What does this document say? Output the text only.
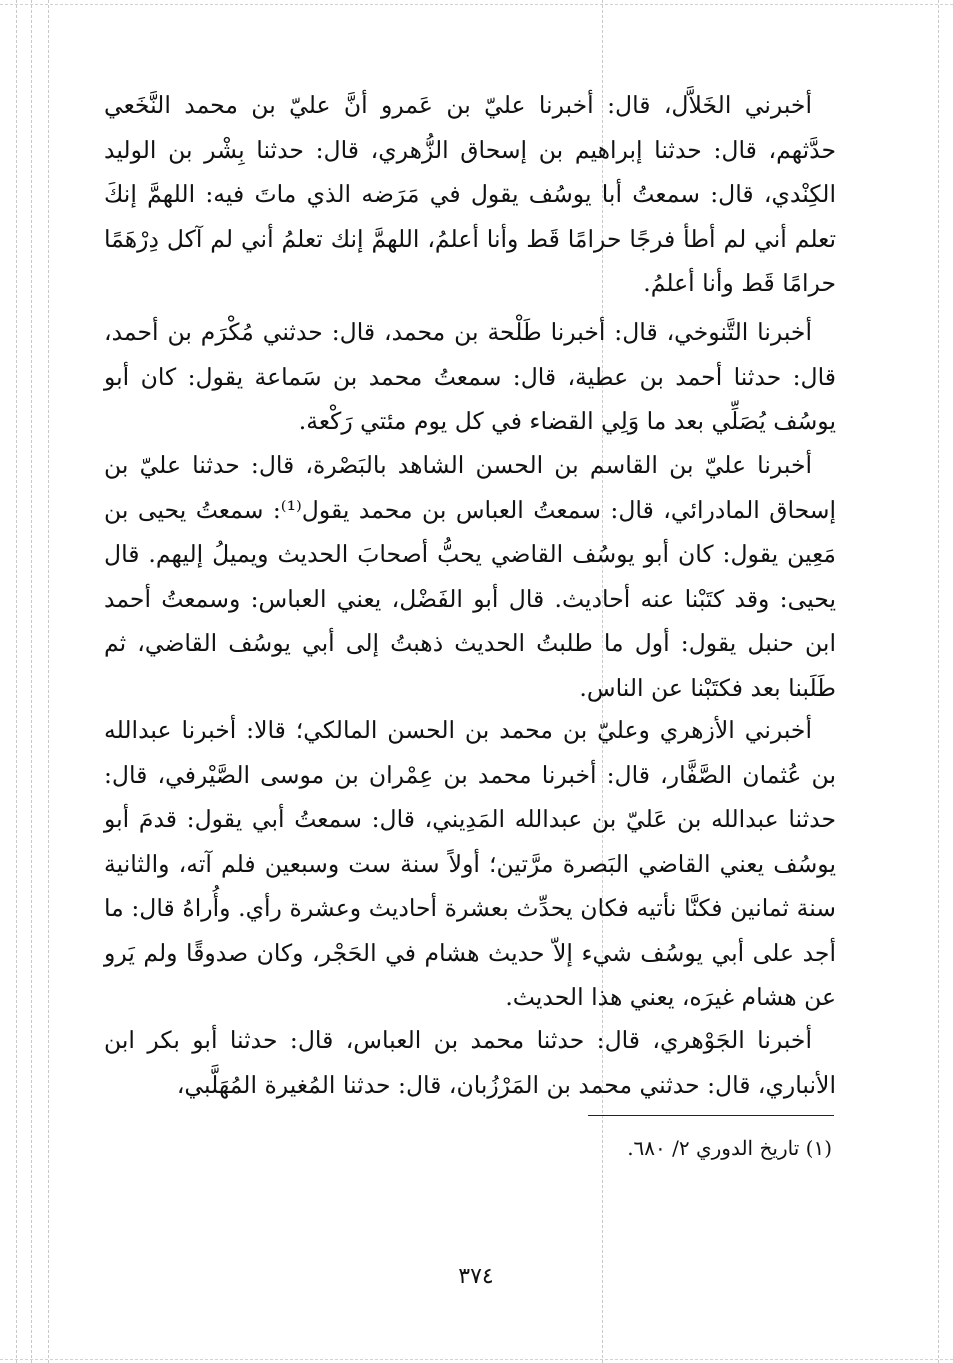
أخبرني الخَلاَّل، قال: أخبرنا عليّ بن عَمرو أنَّ عليّ بن محمد النَّخَعي حدَّثهم، قال: حدثنا إبراهيم بن إسحاق الزُّهري، قال: حدثنا بِشْر بن الوليد الكِنْدي، قال: سمعتُ أبا يوسُف يقول في مَرَضه الذي ماتَ فيه: اللهمَّ إنكَ تعلم أني لم أطأ فرجًا حرامًا قَط وأنا أعلمُ، اللهمَّ إنك تعلمُ أني لم آكل دِرْهَمًا حرامًا قَط وأنا أعلمُ.

أخبرنا التَّنوخي، قال: أخبرنا طَلْحة بن محمد، قال: حدثني مُكْرَم بن أحمد، قال: حدثنا أحمد بن عطية، قال: سمعتُ محمد بن سَماعة يقول: كان أبو يوسُف يُصَلِّي بعد ما وَلِي القضاء في كل يوم مئتي رَكْعة.

أخبرنا عليّ بن القاسم بن الحسن الشاهد بالبَصْرة، قال: حدثنا عليّ بن إسحاق المادرائي، قال: سمعتُ العباس بن محمد يقول⁽¹⁾: سمعتُ يحيى بن مَعِين يقول: كان أبو يوسُف القاضي يحبُّ أصحابَ الحديث ويميلُ إليهم. قال يحيى: وقد كتَبْنا عنه أحاديث. قال أبو الفَضْل، يعني العباس: وسمعتُ أحمد ابن حنبل يقول: أول ما طلبتُ الحديث ذهبتُ إلى أبي يوسُف القاضي، ثم طَلَبنا بعد فكتَبْنا عن الناس.

أخبرني الأزهري وعليّ بن محمد بن الحسن المالكي؛ قالا: أخبرنا عبدالله بن عُثمان الصَّفَّار، قال: أخبرنا محمد بن عِمْران بن موسى الصَّيْرفي، قال: حدثنا عبدالله بن عَليّ بن عبدالله المَدِيني، قال: سمعتُ أبي يقول: قدمَ أبو يوسُف يعني القاضي البَصرة مرَّتين؛ أولاً سنة ست وسبعين فلم آته، والثانية سنة ثمانين فكنَّا نأتيه فكان يحدِّث بعشرة أحاديث وعشرة رأي. وأُراهُ قال: ما أجد على أبي يوسُف شيء إلاّ حديث هشام في الحَجْر، وكان صدوقًا ولم يَرو عن هشام غيرَه، يعني هذا الحديث.

أخبرنا الجَوْهري، قال: حدثنا محمد بن العباس، قال: حدثنا أبو بكر ابن الأنباري، قال: حدثني محمد بن المَرْزُبان، قال: حدثنا المُغيرة المُهَلَّبي،

(١) تاريخ الدوري ٢/ ٦٨٠.
٣٧٤
